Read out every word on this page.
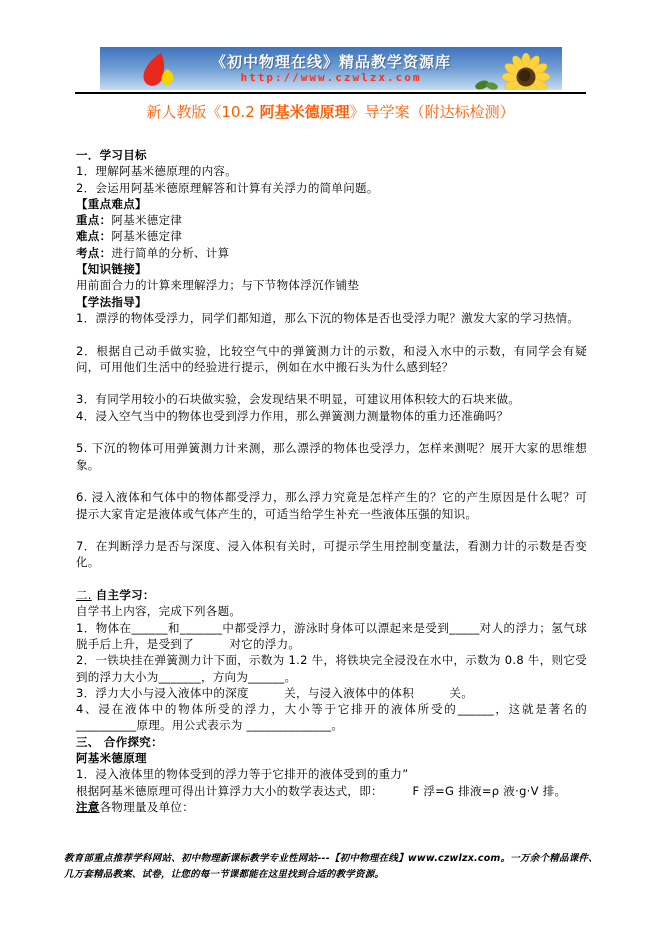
《初中物理在线》精品教学资源库
http://www.czwlzx.com
新人教版《10.2 阿基米德原理》导学案（附达标检测）

一．学习目标

1．理解阿基米德原理的内容。

2．会运用阿基米德原理解答和计算有关浮力的简单问题。

【重点难点】

重点：阿基米德定律

难点：阿基米德定律

考点：进行简单的分析、计算

【知识链接】

用前面合力的计算来理解浮力；与下节物体浮沉作铺垫

【学法指导】

1．漂浮的物体受浮力，同学们都知道，那么下沉的物体是否也受浮力呢？激发大家的学习热情。

2．根据自己动手做实验，比较空气中的弹簧测力计的示数，和浸入水中的示数，有同学会有疑问，可用他们生活中的经验进行提示，例如在水中搬石头为什么感到轻？

3．有同学用较小的石块做实验，会发现结果不明显，可建议用体积较大的石块来做。

4．浸入空气当中的物体也受到浮力作用，那么弹簧测力测量物体的重力还准确吗？

5. 下沉的物体可用弹簧测力计来测，那么漂浮的物体也受浮力，怎样来测呢？展开大家的思维想象。

6. 浸入液体和气体中的物体都受浮力，那么浮力究竟是怎样产生的？它的产生原因是什么呢？可提示大家肯定是液体或气体产生的，可适当给学生补充一些液体压强的知识。

7．在判断浮力是否与深度、浸入体积有关时，可提示学生用控制变量法，看测力计的示数是否变化。

二. 自主学习：

自学书上内容，完成下列各题。

1．物体在______和_______中都受浮力，游泳时身体可以漂起来是受到_____对人的浮力；氢气球脱手后上升，是受到了　　　对它的浮力。

2．一铁块挂在弹簧测力计下面，示数为 1.2 牛，将铁块完全浸没在水中，示数为 0.8 牛，则它受到的浮力大小为_______，方向为______。

3．浮力大小与浸入液体中的深度　　　关，与浸入液体中的体积　　　关。

4、浸在液体中的物体所受的浮力，大小等于它排开的液体所受的______，这就是著名的__________原理。用公式表示为 ______________。

三、 合作探究：

阿基米德原理

1．浸入液体里的物体受到的浮力等于它排开的液体受到的重力”

根据阿基米德原理可得出计算浮力大小的数学表达式，即：　　　F 浮=G 排液=ρ 液·g·V 排。

注意各物理量及单位：

教育部重点推荐学科网站、初中物理新课标教学专业性网站---【初中物理在线】www.czwlzx.com。一万余个精品课件、几万套精品教案、试卷，让您的每一节课都能在这里找到合适的教学资源。
